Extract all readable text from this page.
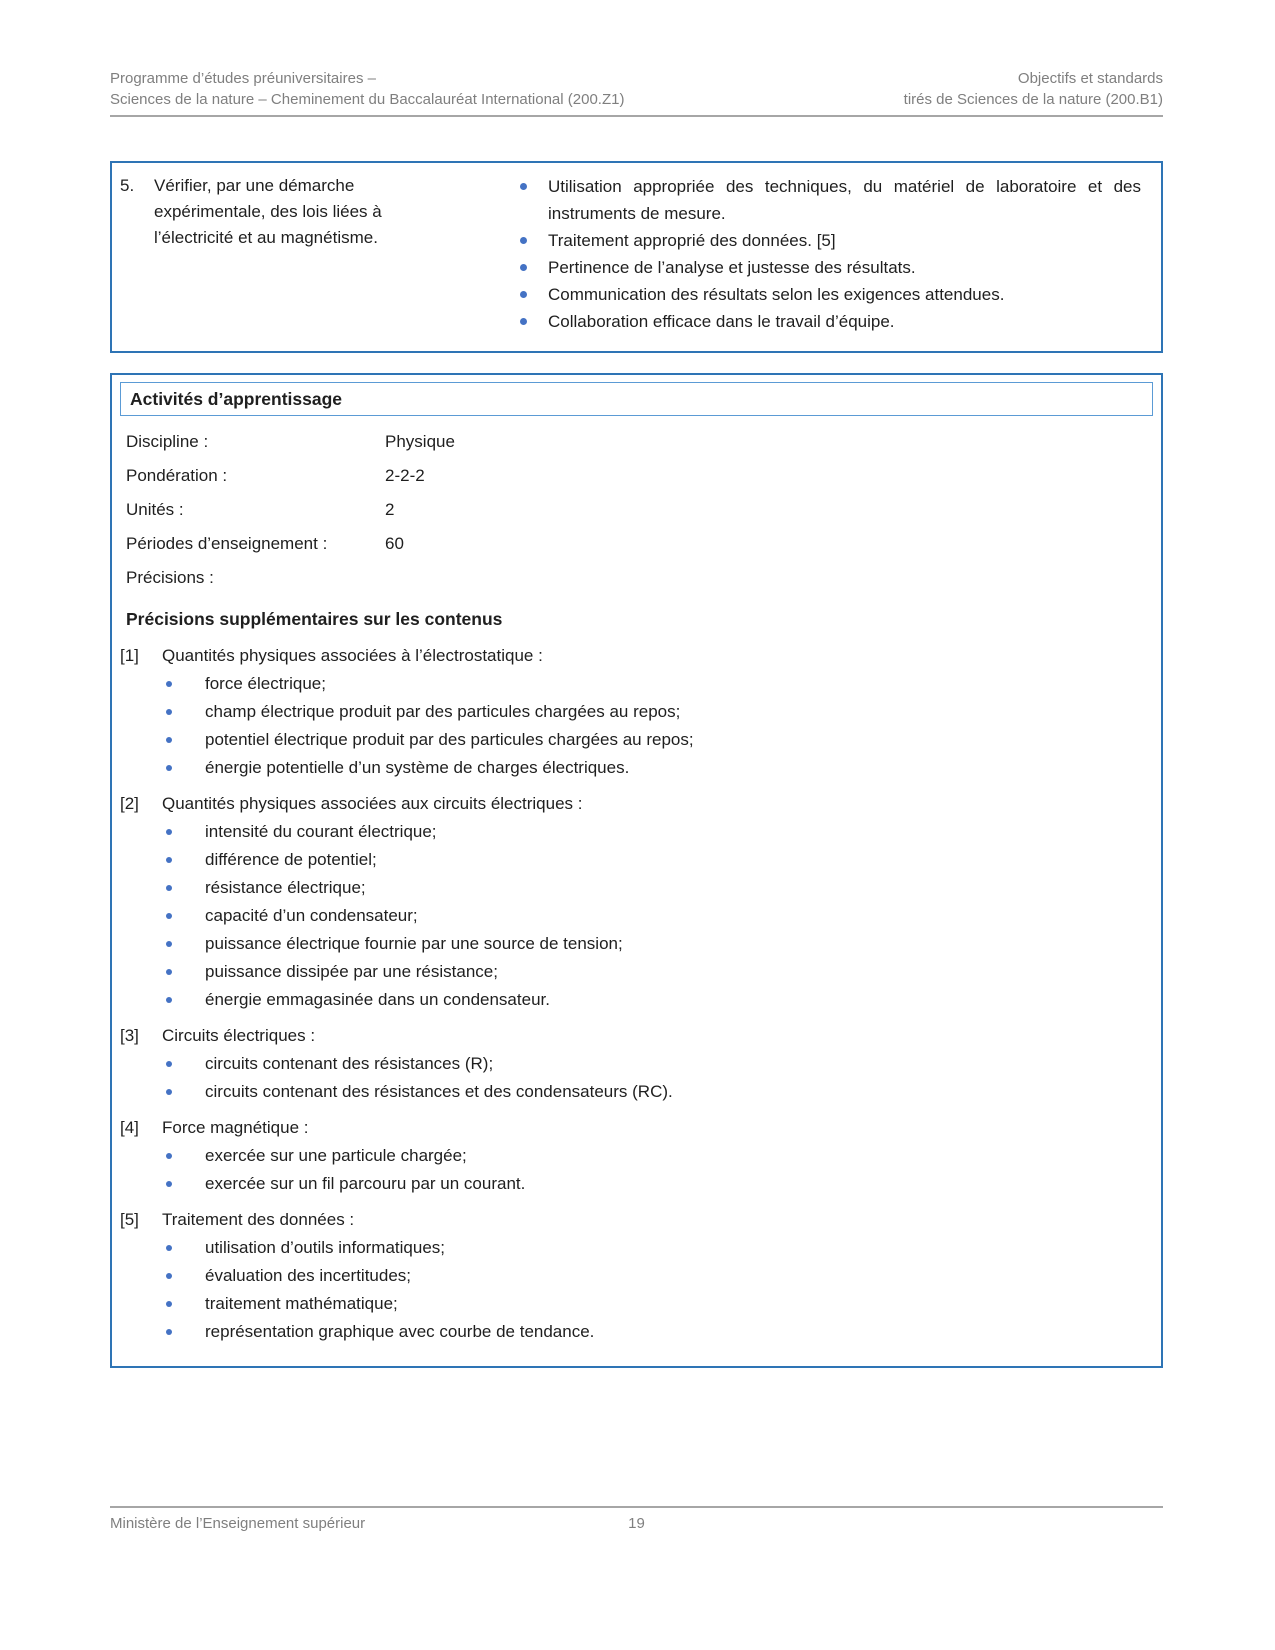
Programme d’études préuniversitaires –
Sciences de la nature – Cheminement du Baccalauréat International (200.Z1)
Objectifs et standards
tirés de Sciences de la nature (200.B1)
5.	Vérifier, par une démarche expérimentale, des lois liées à l’électricité et au magnétisme.
Utilisation appropriée des techniques, du matériel de laboratoire et des instruments de mesure.
Traitement approprié des données. [5]
Pertinence de l’analyse et justesse des résultats.
Communication des résultats selon les exigences attendues.
Collaboration efficace dans le travail d’équipe.
Activités d’apprentissage
Discipline :	Physique
Pondération :	2-2-2
Unités :	2
Périodes d’enseignement :	60
Précisions :
Précisions supplémentaires sur les contenus
[1]	Quantités physiques associées à l’électrostatique :
force électrique;
champ électrique produit par des particules chargées au repos;
potentiel électrique produit par des particules chargées au repos;
énergie potentielle d’un système de charges électriques.
[2]	Quantités physiques associées aux circuits électriques :
intensité du courant électrique;
différence de potentiel;
résistance électrique;
capacité d’un condensateur;
puissance électrique fournie par une source de tension;
puissance dissipée par une résistance;
énergie emmagasinée dans un condensateur.
[3]	Circuits électriques :
circuits contenant des résistances (R);
circuits contenant des résistances et des condensateurs (RC).
[4]	Force magnétique :
exercée sur une particule chargée;
exercée sur un fil parcouru par un courant.
[5]	Traitement des données :
utilisation d’outils informatiques;
évaluation des incertitudes;
traitement mathématique;
représentation graphique avec courbe de tendance.
Ministère de l’Enseignement supérieur	19
